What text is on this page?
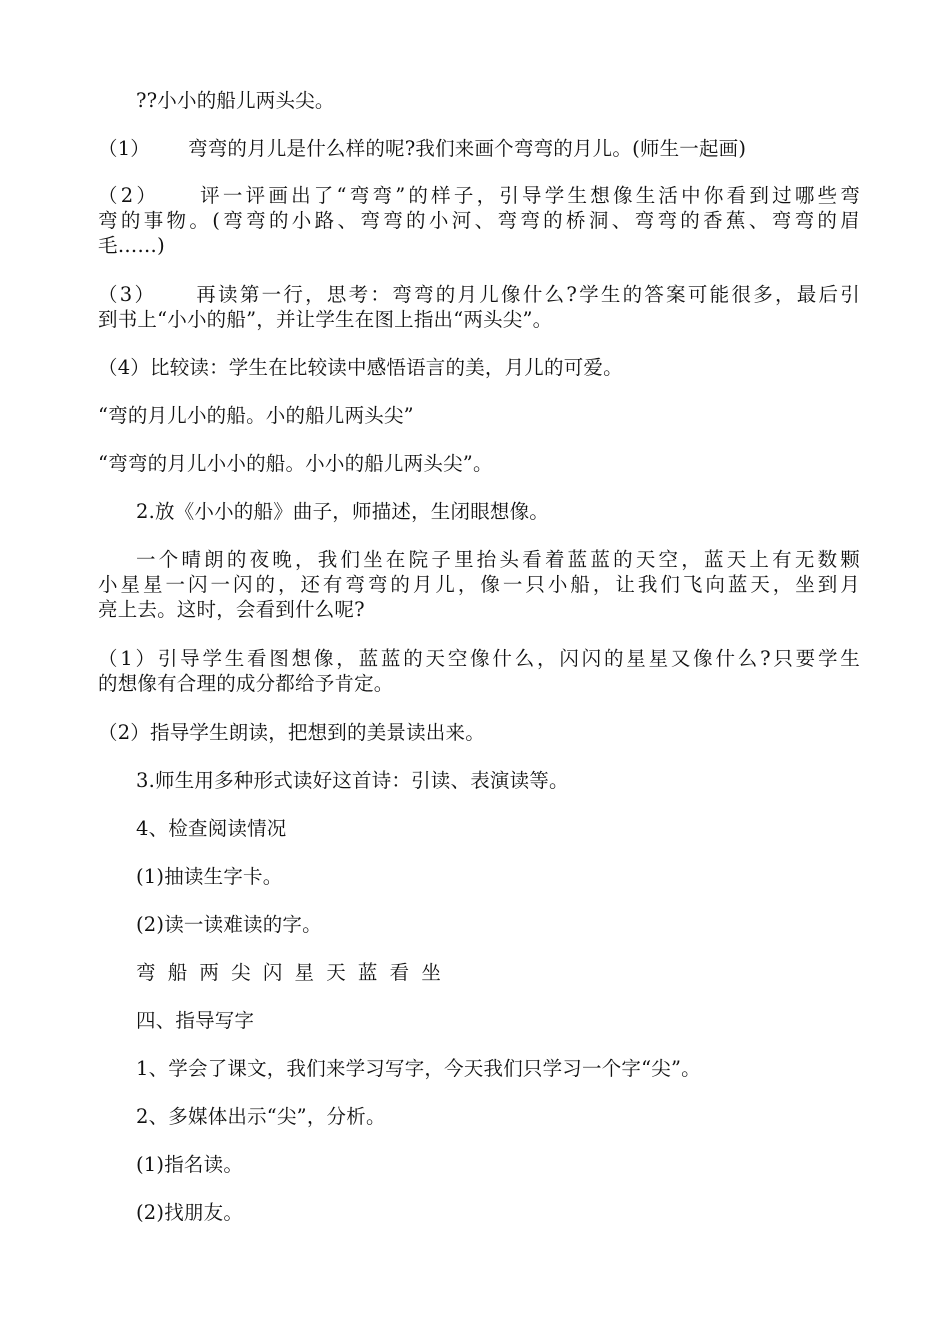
??小小的船儿两头尖。
（1） 弯弯的月儿是什么样的呢?我们来画个弯弯的月儿。(师生一起画)
（2） 评一评画出了“弯弯”的样子，引导学生想像生活中你看到过哪些弯
弯的事物。(弯弯的小路、弯弯的小河、弯弯的桥洞、弯弯的香蕉、弯弯的眉
毛……)
（3） 再读第一行，思考：弯弯的月儿像什么?学生的答案可能很多，最后引
到书上“小小的船”，并让学生在图上指出“两头尖”。
（4）比较读：学生在比较读中感悟语言的美，月儿的可爱。
“弯的月儿小的船。小的船儿两头尖”
“弯弯的月儿小小的船。小小的船儿两头尖”。
2.放《小小的船》曲子，师描述，生闭眼想像。
一个晴朗的夜晚，我们坐在院子里抬头看着蓝蓝的天空，蓝天上有无数颗
小星星一闪一闪的，还有弯弯的月儿，像一只小船，让我们飞向蓝天，坐到月
亮上去。这时，会看到什么呢?
（1）引导学生看图想像，蓝蓝的天空像什么，闪闪的星星又像什么?只要学生
的想像有合理的成分都给予肯定。
（2）指导学生朗读，把想到的美景读出来。
3.师生用多种形式读好这首诗：引读、表演读等。
4、检查阅读情况
(1)抽读生字卡。
(2)读一读难读的字。
弯 船 两 尖 闪 星 天 蓝 看 坐
四、指导写字
1、学会了课文，我们来学习写字，今天我们只学习一个字“尖”。
2、多媒体出示“尖”，分析。
(1)指名读。
(2)找朋友。
